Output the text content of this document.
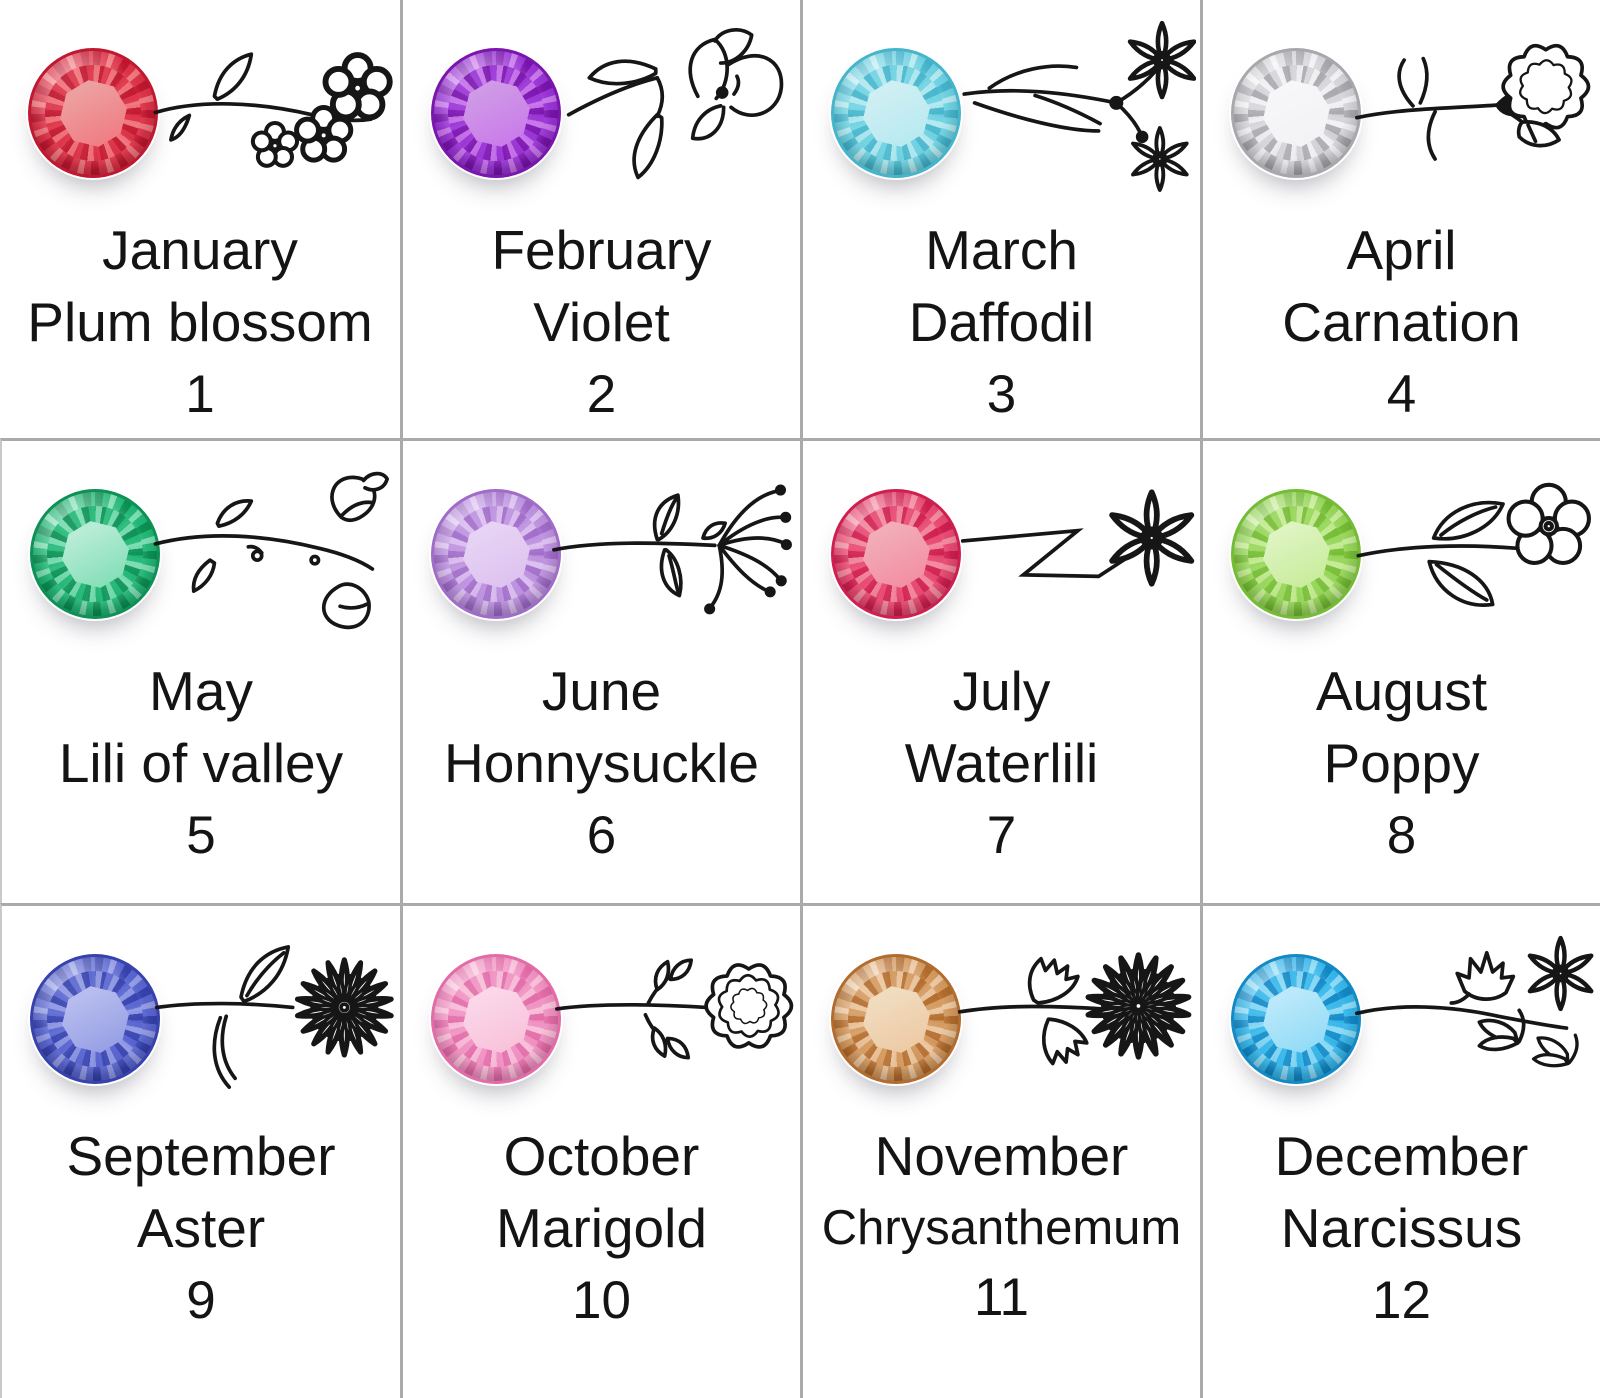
January
Plum blossom
1
February
Violet
2
March
Daffodil
3
April
Carnation
4
May
Lili of valley
5
June
Honnysuckle
6
July
Waterlili
7
August
Poppy
8
September
Aster
9
October
Marigold
10
November
Chrysanthemum
11
December
Narcissus
12
